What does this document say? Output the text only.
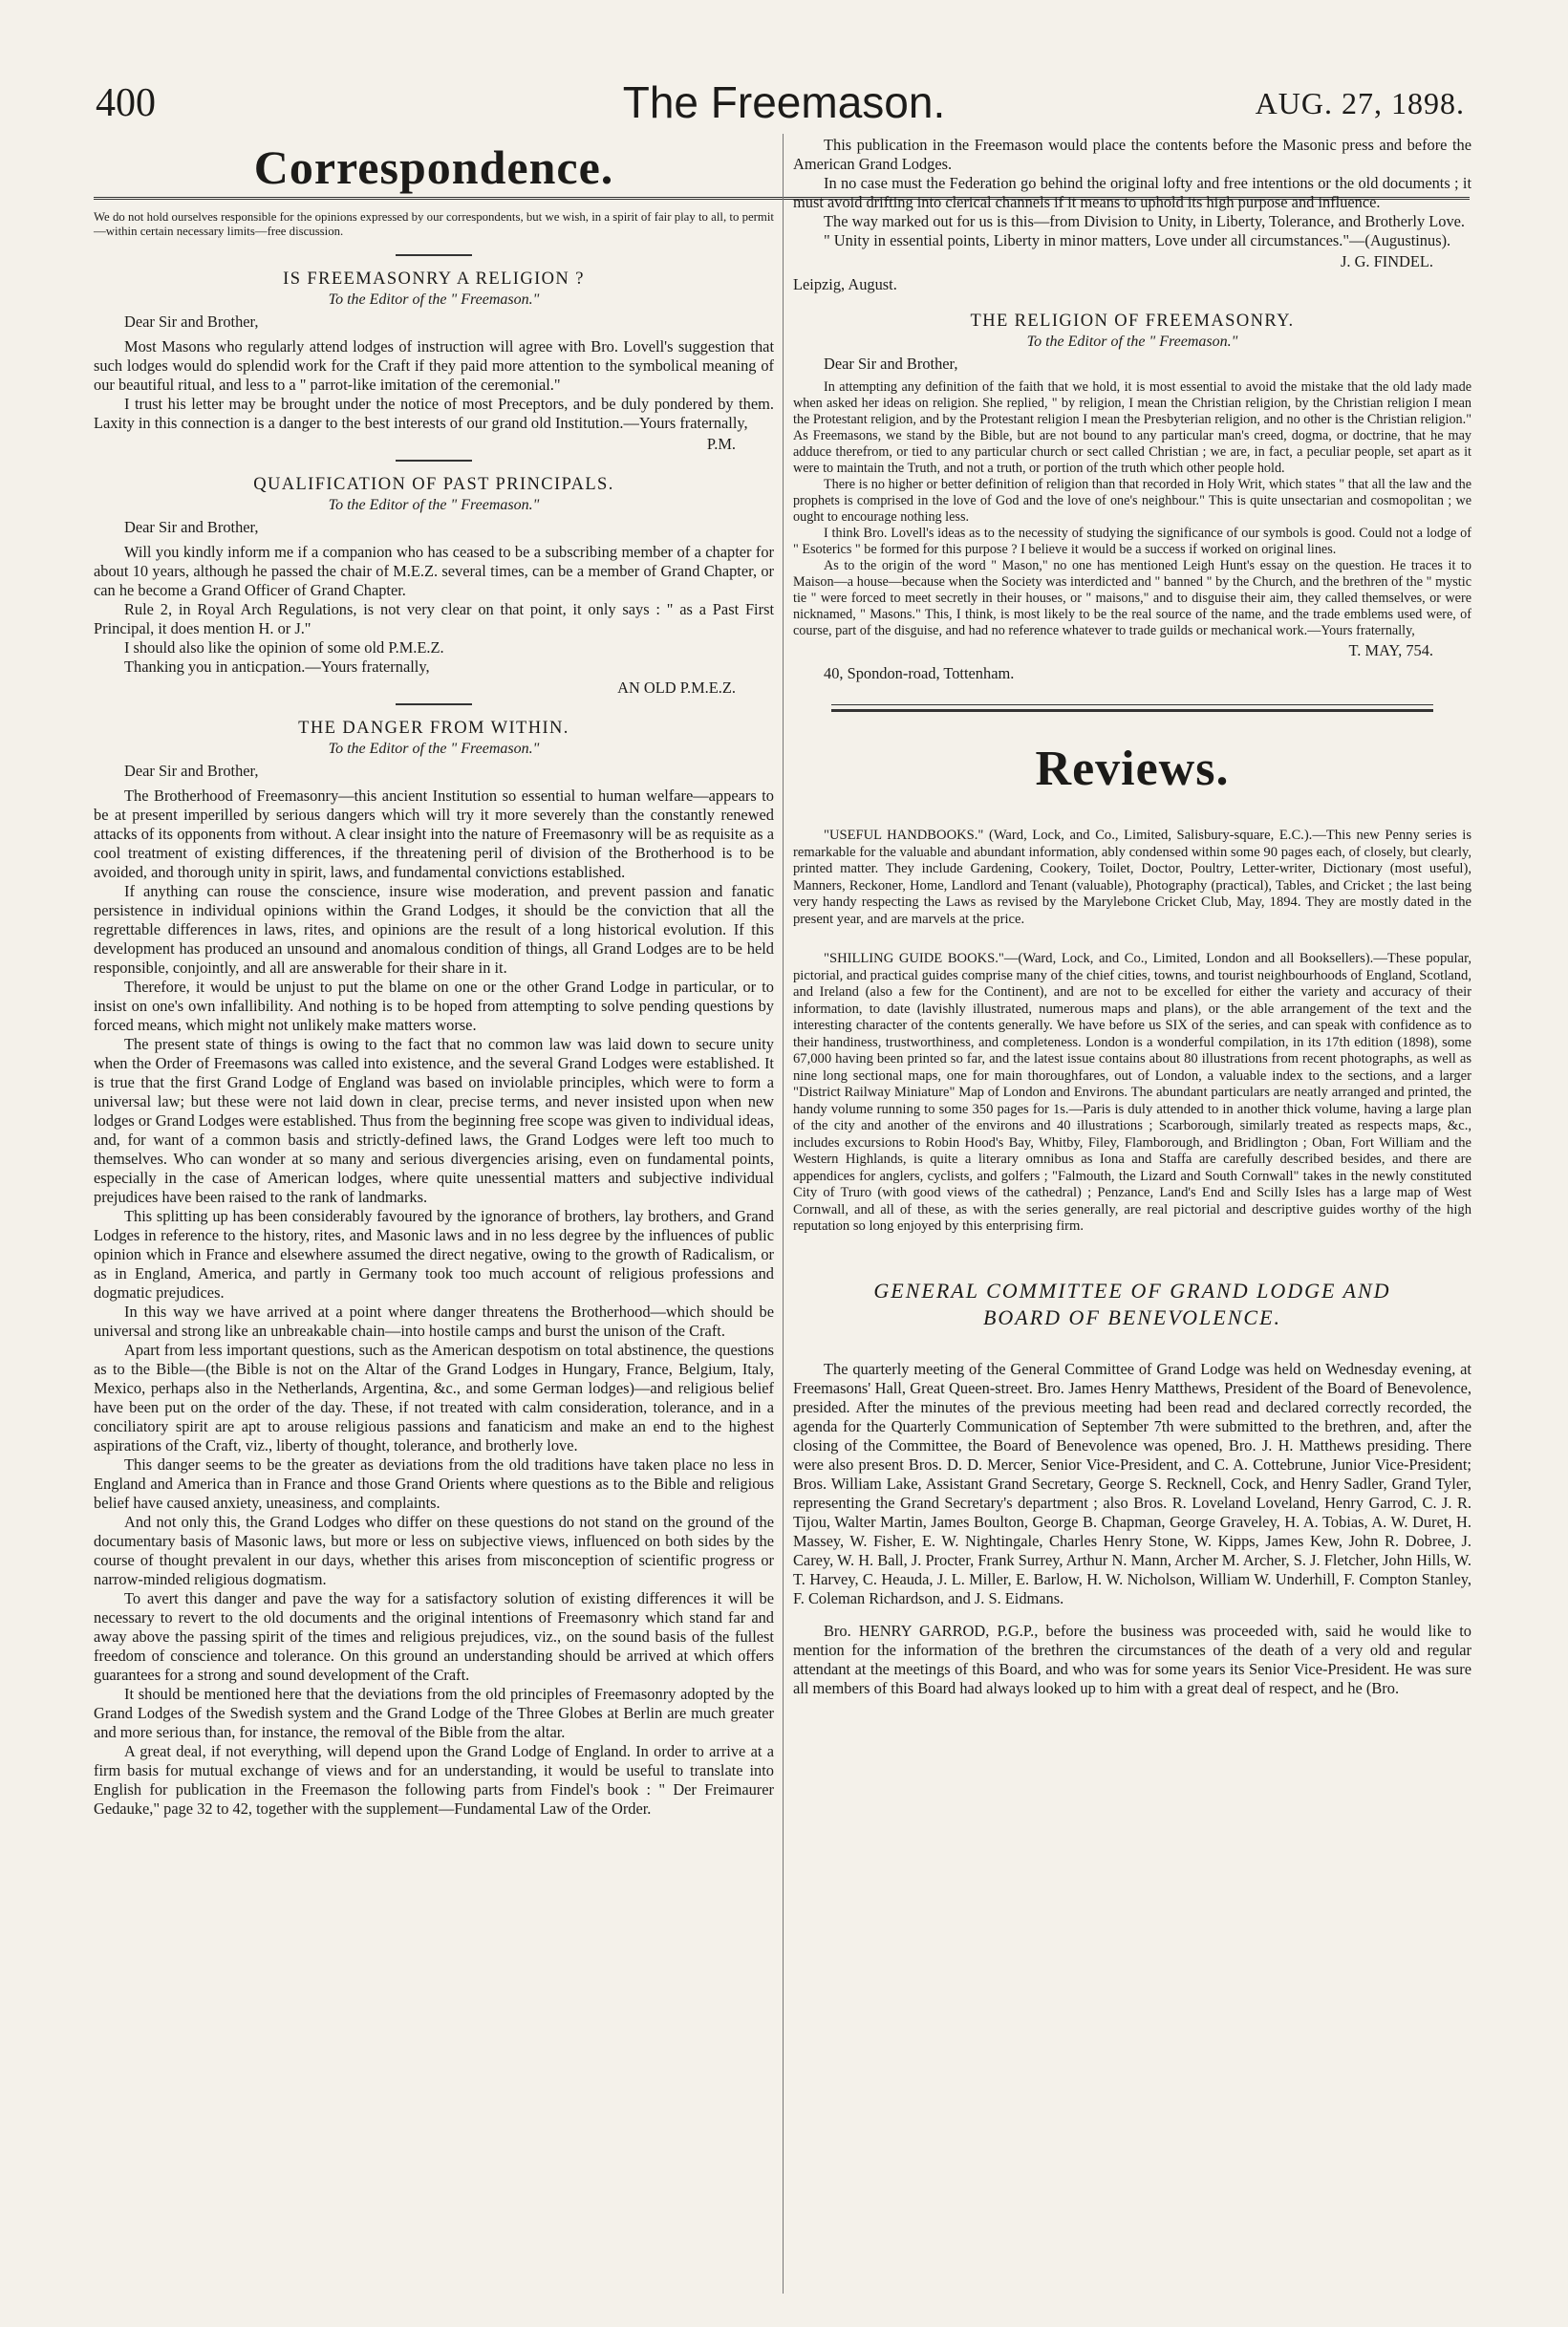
400	The Freemason.	AUG. 27, 1898.
Correspondence.

We do not hold ourselves responsible for the opinions expressed by our correspondents, but we wish, in a spirit of fair play to all, to permit—within certain necessary limits—free discussion.

IS FREEMASONRY A RELIGION ?
To the Editor of the " Freemason."
Dear Sir and Brother,

Most Masons who regularly attend lodges of instruction will agree with Bro. Lovell's suggestion that such lodges would do splendid work for the Craft if they paid more attention to the symbolical meaning of our beautiful ritual, and less to a " parrot-like imitation of the ceremonial."

I trust his letter may be brought under the notice of most Preceptors, and be duly pondered by them. Laxity in this connection is a danger to the best interests of our grand old Institution.—Yours fraternally,

P.M.
QUALIFICATION OF PAST PRINCIPALS.
To the Editor of the " Freemason."
Dear Sir and Brother,

Will you kindly inform me if a companion who has ceased to be a subscribing member of a chapter for about 10 years, although he passed the chair of M.E.Z. several times, can be a member of Grand Chapter, or can he become a Grand Officer of Grand Chapter.

Rule 2, in Royal Arch Regulations, is not very clear on that point, it only says : " as a Past First Principal, it does mention H. or J."

I should also like the opinion of some old P.M.E.Z.

Thanking you in anticpation.—Yours fraternally,

AN OLD P.M.E.Z.
THE DANGER FROM WITHIN.
To the Editor of the " Freemason."
Dear Sir and Brother,

The Brotherhood of Freemasonry—this ancient Institution so essential to human welfare—appears to be at present imperilled by serious dangers which will try it more severely than the constantly renewed attacks of its opponents from without. A clear insight into the nature of Freemasonry will be as requisite as a cool treatment of existing differences, if the threatening peril of division of the Brotherhood is to be avoided, and thorough unity in spirit, laws, and fundamental convictions established.

If anything can rouse the conscience, insure wise moderation, and prevent passion and fanatic persistence in individual opinions within the Grand Lodges, it should be the conviction that all the regrettable differences in laws, rites, and opinions are the result of a long historical evolution. If this development has produced an unsound and anomalous condition of things, all Grand Lodges are to be held responsible, conjointly, and all are answerable for their share in it.

Therefore, it would be unjust to put the blame on one or the other Grand Lodge in particular, or to insist on one's own infallibility. And nothing is to be hoped from attempting to solve pending questions by forced means, which might not unlikely make matters worse.

The present state of things is owing to the fact that no common law was laid down to secure unity when the Order of Freemasons was called into existence, and the several Grand Lodges were established. It is true that the first Grand Lodge of England was based on inviolable principles, which were to form a universal law; but these were not laid down in clear, precise terms, and never insisted upon when new lodges or Grand Lodges were established. Thus from the beginning free scope was given to individual ideas, and, for want of a common basis and strictly-defined laws, the Grand Lodges were left too much to themselves. Who can wonder at so many and serious divergencies arising, even on fundamental points, especially in the case of American lodges, where quite unessential matters and subjective individual prejudices have been raised to the rank of landmarks.

This splitting up has been considerably favoured by the ignorance of brothers, lay brothers, and Grand Lodges in reference to the history, rites, and Masonic laws and in no less degree by the influences of public opinion which in France and elsewhere assumed the direct negative, owing to the growth of Radicalism, or as in England, America, and partly in Germany took too much account of religious professions and dogmatic prejudices.

In this way we have arrived at a point where danger threatens the Brotherhood—which should be universal and strong like an unbreakable chain—into hostile camps and burst the unison of the Craft.

Apart from less important questions, such as the American despotism on total abstinence, the questions as to the Bible—(the Bible is not on the Altar of the Grand Lodges in Hungary, France, Belgium, Italy, Mexico, perhaps also in the Netherlands, Argentina, &c., and some German lodges)—and religious belief have been put on the order of the day. These, if not treated with calm consideration, tolerance, and in a conciliatory spirit are apt to arouse religious passions and fanaticism and make an end to the highest aspirations of the Craft, viz., liberty of thought, tolerance, and brotherly love.

This danger seems to be the greater as deviations from the old traditions have taken place no less in England and America than in France and those Grand Orients where questions as to the Bible and religious belief have caused anxiety, uneasiness, and complaints.

And not only this, the Grand Lodges who differ on these questions do not stand on the ground of the documentary basis of Masonic laws, but more or less on subjective views, influenced on both sides by the course of thought prevalent in our days, whether this arises from misconception of scientific progress or narrow-minded religious dogmatism.

To avert this danger and pave the way for a satisfactory solution of existing differences it will be necessary to revert to the old documents and the original intentions of Freemasonry which stand far and away above the passing spirit of the times and religious prejudices, viz., on the sound basis of the fullest freedom of conscience and tolerance. On this ground an understanding should be arrived at which offers guarantees for a strong and sound development of the Craft.

It should be mentioned here that the deviations from the old principles of Freemasonry adopted by the Grand Lodges of the Swedish system and the Grand Lodge of the Three Globes at Berlin are much greater and more serious than, for instance, the removal of the Bible from the altar.

A great deal, if not everything, will depend upon the Grand Lodge of England. In order to arrive at a firm basis for mutual exchange of views and for an understanding, it would be useful to translate into English for publication in the Freemason the following parts from Findel's book : " Der Freimaurer Gedauke," page 32 to 42, together with the supplement—Fundamental Law of the Order.

This publication in the Freemason would place the contents before the Masonic press and before the American Grand Lodges.

In no case must the Federation go behind the original lofty and free intentions or the old documents ; it must avoid drifting into clerical channels if it means to uphold its high purpose and influence.

The way marked out for us is this—from Division to Unity, in Liberty, Tolerance, and Brotherly Love.

" Unity in essential points, Liberty in minor matters, Love under all circumstances."—(Augustinus).

J. G. FINDEL.

Leipzig, August.

THE RELIGION OF FREEMASONRY.
To the Editor of the " Freemason."
Dear Sir and Brother,

In attempting any definition of the faith that we hold, it is most essential to avoid the mistake that the old lady made when asked her ideas on religion. She replied, " by religion, I mean the Christian religion, by the Christian religion I mean the Protestant religion, and by the Protestant religion I mean the Presbyterian religion, and no other is the Christian religion." As Freemasons, we stand by the Bible, but are not bound to any particular man's creed, dogma, or doctrine, that he may adduce therefrom, or tied to any particular church or sect called Christian ; we are, in fact, a peculiar people, set apart as it were to maintain the Truth, and not a truth, or portion of the truth which other people hold.

There is no higher or better definition of religion than that recorded in Holy Writ, which states " that all the law and the prophets is comprised in the love of God and the love of one's neighbour." This is quite unsectarian and cosmopolitan ; we ought to encourage nothing less.

I think Bro. Lovell's ideas as to the necessity of studying the significance of our symbols is good. Could not a lodge of " Esoterics " be formed for this purpose ? I believe it would be a success if worked on original lines.

As to the origin of the word " Mason," no one has mentioned Leigh Hunt's essay on the question. He traces it to Maison—a house—because when the Society was interdicted and " banned " by the Church, and the brethren of the " mystic tie " were forced to meet secretly in their houses, or " maisons," and to disguise their aim, they called themselves, or were nicknamed, " Masons." This, I think, is most likely to be the real source of the name, and the trade emblems used were, of course, part of the disguise, and had no reference whatever to trade guilds or mechanical work.—Yours fraternally,

T. MAY, 754.

40, Spondon-road, Tottenham.

Reviews.

"USEFUL HANDBOOKS." (Ward, Lock, and Co., Limited, Salisbury-square, E.C.).—This new Penny series is remarkable for the valuable and abundant information, ably condensed within some 90 pages each, of closely, but clearly, printed matter. They include Gardening, Cookery, Toilet, Doctor, Poultry, Letter-writer, Dictionary (most useful), Manners, Reckoner, Home, Landlord and Tenant (valuable), Photography (practical), Tables, and Cricket ; the last being very handy respecting the Laws as revised by the Marylebone Cricket Club, May, 1894. They are mostly dated in the present year, and are marvels at the price.

"SHILLING GUIDE BOOKS."—(Ward, Lock, and Co., Limited, London and all Booksellers).—These popular, pictorial, and practical guides comprise many of the chief cities, towns, and tourist neighbourhoods of England, Scotland, and Ireland (also a few for the Continent), and are not to be excelled for either the variety and accuracy of their information, to date (lavishly illustrated, numerous maps and plans), or the able arrangement of the text and the interesting character of the contents generally. We have before us SIX of the series, and can speak with confidence as to their handiness, trustworthiness, and completeness. London is a wonderful compilation, in its 17th edition (1898), some 67,000 having been printed so far, and the latest issue contains about 80 illustrations from recent photographs, as well as nine long sectional maps, one for main thoroughfares, out of London, a valuable index to the sections, and a larger "District Railway Miniature" Map of London and Environs. The abundant particulars are neatly arranged and printed, the handy volume running to some 350 pages for 1s.—Paris is duly attended to in another thick volume, having a large plan of the city and another of the environs and 40 illustrations ; Scarborough, similarly treated as respects maps, &c., includes excursions to Robin Hood's Bay, Whitby, Filey, Flamborough, and Bridlington ; Oban, Fort William and the Western Highlands, is quite a literary omnibus as Iona and Staffa are carefully described besides, and there are appendices for anglers, cyclists, and golfers ; "Falmouth, the Lizard and South Cornwall" takes in the newly constituted City of Truro (with good views of the cathedral) ; Penzance, Land's End and Scilly Isles has a large map of West Cornwall, and all of these, as with the series generally, are real pictorial and descriptive guides worthy of the high reputation so long enjoyed by this enterprising firm.

GENERAL COMMITTEE OF GRAND LODGE AND
BOARD OF BENEVOLENCE.

The quarterly meeting of the General Committee of Grand Lodge was held on Wednesday evening, at Freemasons' Hall, Great Queen-street. Bro. James Henry Matthews, President of the Board of Benevolence, presided. After the minutes of the previous meeting had been read and declared correctly recorded, the agenda for the Quarterly Communication of September 7th were submitted to the brethren, and, after the closing of the Committee, the Board of Benevolence was opened, Bro. J. H. Matthews presiding. There were also present Bros. D. D. Mercer, Senior Vice-President, and C. A. Cottebrune, Junior Vice-President; Bros. William Lake, Assistant Grand Secretary, George S. Recknell, Cock, and Henry Sadler, Grand Tyler, representing the Grand Secretary's department ; also Bros. R. Loveland Loveland, Henry Garrod, C. J. R. Tijou, Walter Martin, James Boulton, George B. Chapman, George Graveley, H. A. Tobias, A. W. Duret, H. Massey, W. Fisher, E. W. Nightingale, Charles Henry Stone, W. Kipps, James Kew, John R. Dobree, J. Carey, W. H. Ball, J. Procter, Frank Surrey, Arthur N. Mann, Archer M. Archer, S. J. Fletcher, John Hills, W. T. Harvey, C. Heauda, J. L. Miller, E. Barlow, H. W. Nicholson, William W. Underhill, F. Compton Stanley, F. Coleman Richardson, and J. S. Eidmans.

Bro. HENRY GARROD, P.G.P., before the business was proceeded with, said he would like to mention for the information of the brethren the circumstances of the death of a very old and regular attendant at the meetings of this Board, and who was for some years its Senior Vice-President. He was sure all members of this Board had always looked up to him with a great deal of respect, and he (Bro.
